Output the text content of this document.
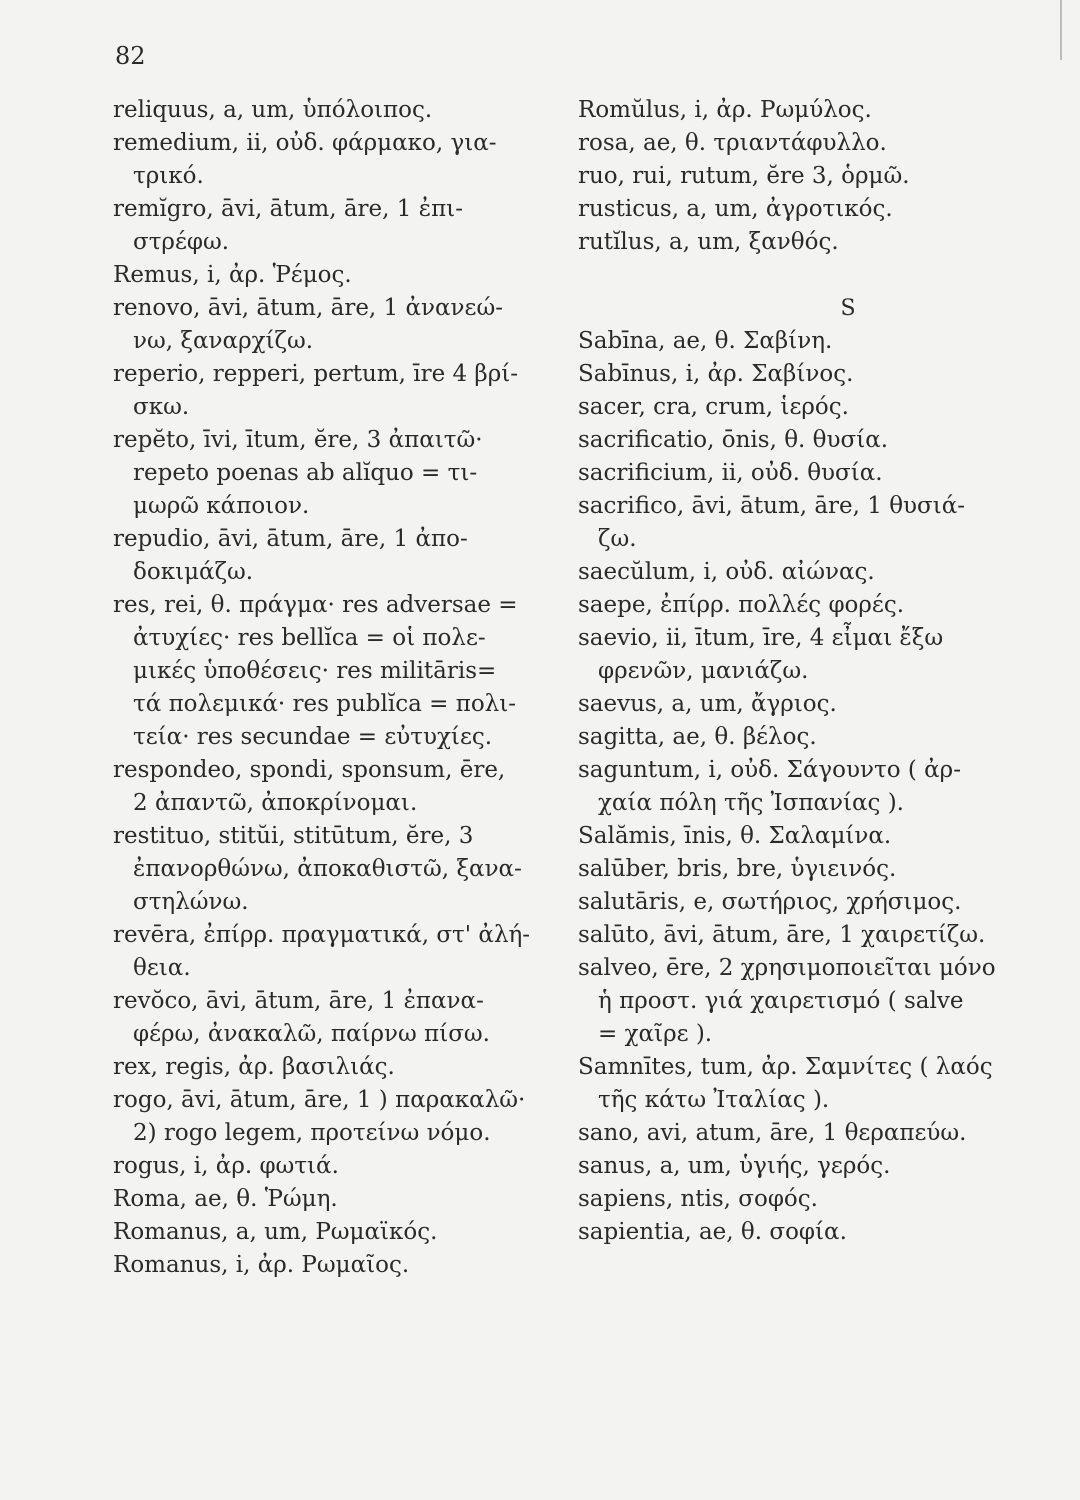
82
reliquus, a, um, ὑπόλοιπος.
remedium, ii, οὐδ. φάρμακο, για-
τρικό.
remĭgro, āvi, ātum, āre, 1 ἐπι-
στρέφω.
Remus, i, ἀρ. Ῥέμος.
renovo, āvi, ātum, āre, 1 ἀνανεώ-
νω, ξαναρχίζω.
reperio, repperi, pertum, īre 4 βρί-
σκω.
repĕto, īvi, ītum, ĕre, 3 ἀπαιτῶ·
repeto poenas ab alĭquo = τι-
μωρῶ κάποιον.
repudio, āvi, ātum, āre, 1 ἀπο-
δοκιμάζω.
res, rei, θ. πράγμα· res adversae =
ἀτυχίες· res bellĭca = οἱ πολε-
μικές ὑποθέσεις· res militāris=
τά πολεμικά· res publĭca = πολι-
τεία· res secundae = εὐτυχίες.
respondeo, spondi, sponsum, ēre,
2 ἀπαντῶ, ἀποκρίνομαι.
restituo, stitŭi, stitūtum, ĕre, 3
ἐπανορθώνω, ἀποκαθιστῶ, ξανα-
στηλώνω.
revēra, ἐπίρρ. πραγματικά, στ' ἀλή-
θεια.
revŏco, āvi, ātum, āre, 1 ἐπανα-
φέρω, ἀνακαλῶ, παίρνω πίσω.
rex, regis, ἀρ. βασιλιάς.
rogo, āvi, ātum, āre, 1 ) παρακαλῶ·
2) rogo legem, προτείνω νόμο.
rogus, i, ἀρ. φωτιά.
Roma, ae, θ. Ῥώμη.
Romanus, a, um, Ρωμαϊκός.
Romanus, i, ἀρ. Ρωμαῖος.
Romŭlus, i, ἀρ. Ρωμύλος.
rosa, ae, θ. τριαντάφυλλο.
ruo, rui, rutum, ĕre 3, ὁρμῶ.
rusticus, a, um, ἀγροτικός.
rutĭlus, a, um, ξανθός.
S
Sabīna, ae, θ. Σαβίνη.
Sabīnus, i, ἀρ. Σαβίνος.
sacer, cra, crum, ἱερός.
sacrificatio, ōnis, θ. θυσία.
sacrificium, ii, οὐδ. θυσία.
sacrifico, āvi, ātum, āre, 1 θυσιά-
ζω.
saecŭlum, i, οὐδ. αἰώνας.
saepe, ἐπίρρ. πολλές φορές.
saevio, ii, ītum, īre, 4 εἶμαι ἔξω
φρενῶν, μανιάζω.
saevus, a, um, ἄγριος.
sagitta, ae, θ. βέλος.
saguntum, i, οὐδ. Σάγουντο ( ἀρ-
χαία πόλη τῆς Ἰσπανίας ).
Salămis, īnis, θ. Σαλαμίνα.
salūber, bris, bre, ὑγιεινός.
salutāris, e, σωτήριος, χρήσιμος.
salūto, āvi, ātum, āre, 1 χαιρετίζω.
salveo, ēre, 2 χρησιμοποιεῖται μόνο
ἡ προστ. γιά χαιρετισμό ( salve
= χαῖρε ).
Samnītes, tum, ἀρ. Σαμνίτες ( λαός
τῆς κάτω Ἰταλίας ).
sano, avi, atum, āre, 1 θεραπεύω.
sanus, a, um, ὑγιής, γερός.
sapiens, ntis, σοφός.
sapientia, ae, θ. σοφία.
